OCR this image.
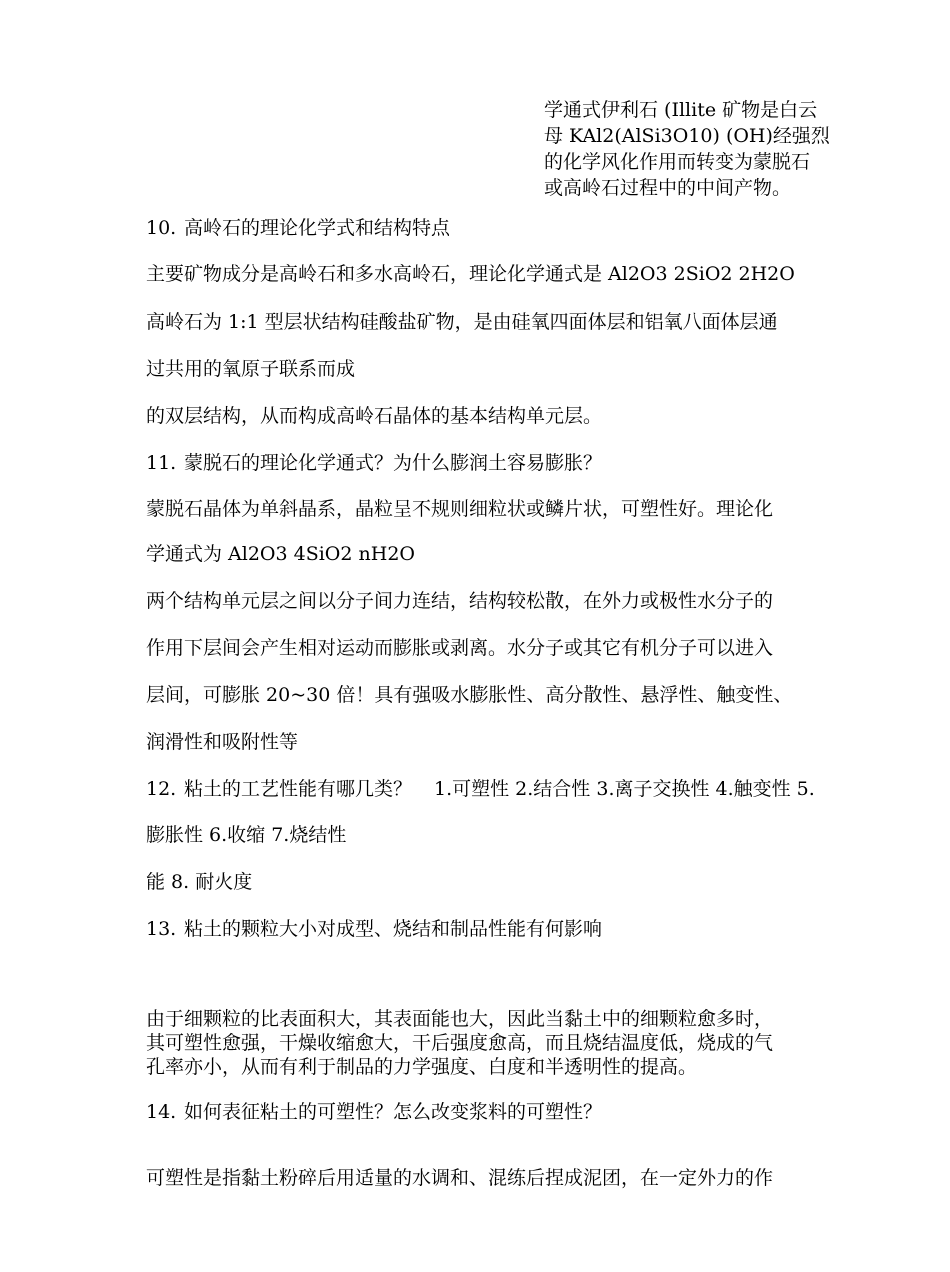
学通式伊利石 (Illite 矿物是白云
母 KAl2(AlSi3O10) (OH)经强烈
的化学风化作用而转变为蒙脱石
或高岭石过程中的中间产物。
10. 高岭石的理论化学式和结构特点
主要矿物成分是高岭石和多水高岭石，理论化学通式是 Al2O3 2SiO2 2H2O
高岭石为 1:1 型层状结构硅酸盐矿物，是由硅氧四面体层和铝氧八面体层通
过共用的氧原子联系而成
的双层结构，从而构成高岭石晶体的基本结构单元层。
11. 蒙脱石的理论化学通式？为什么膨润土容易膨胀？
蒙脱石晶体为单斜晶系，晶粒呈不规则细粒状或鳞片状，可塑性好。理论化
学通式为 Al2O3 4SiO2 nH2O
两个结构单元层之间以分子间力连结，结构较松散，在外力或极性水分子的
作用下层间会产生相对运动而膨胀或剥离。水分子或其它有机分子可以进入
层间，可膨胀 20~30 倍！具有强吸水膨胀性、高分散性、悬浮性、触变性、
润滑性和吸附性等
12. 粘土的工艺性能有哪几类？ 1.可塑性 2.结合性 3.离子交换性 4.触变性 5.
膨胀性 6.收缩 7.烧结性
能 8. 耐火度
13. 粘土的颗粒大小对成型、烧结和制品性能有何影响
由于细颗粒的比表面积大，其表面能也大，因此当黏土中的细颗粒愈多时，
其可塑性愈强，干燥收缩愈大，干后强度愈高，而且烧结温度低，烧成的气
孔率亦小，从而有利于制品的力学强度、白度和半透明性的提高。
14. 如何表征粘土的可塑性？怎么改变浆料的可塑性？
可塑性是指黏土粉碎后用适量的水调和、混练后捏成泥团，在一定外力的作
